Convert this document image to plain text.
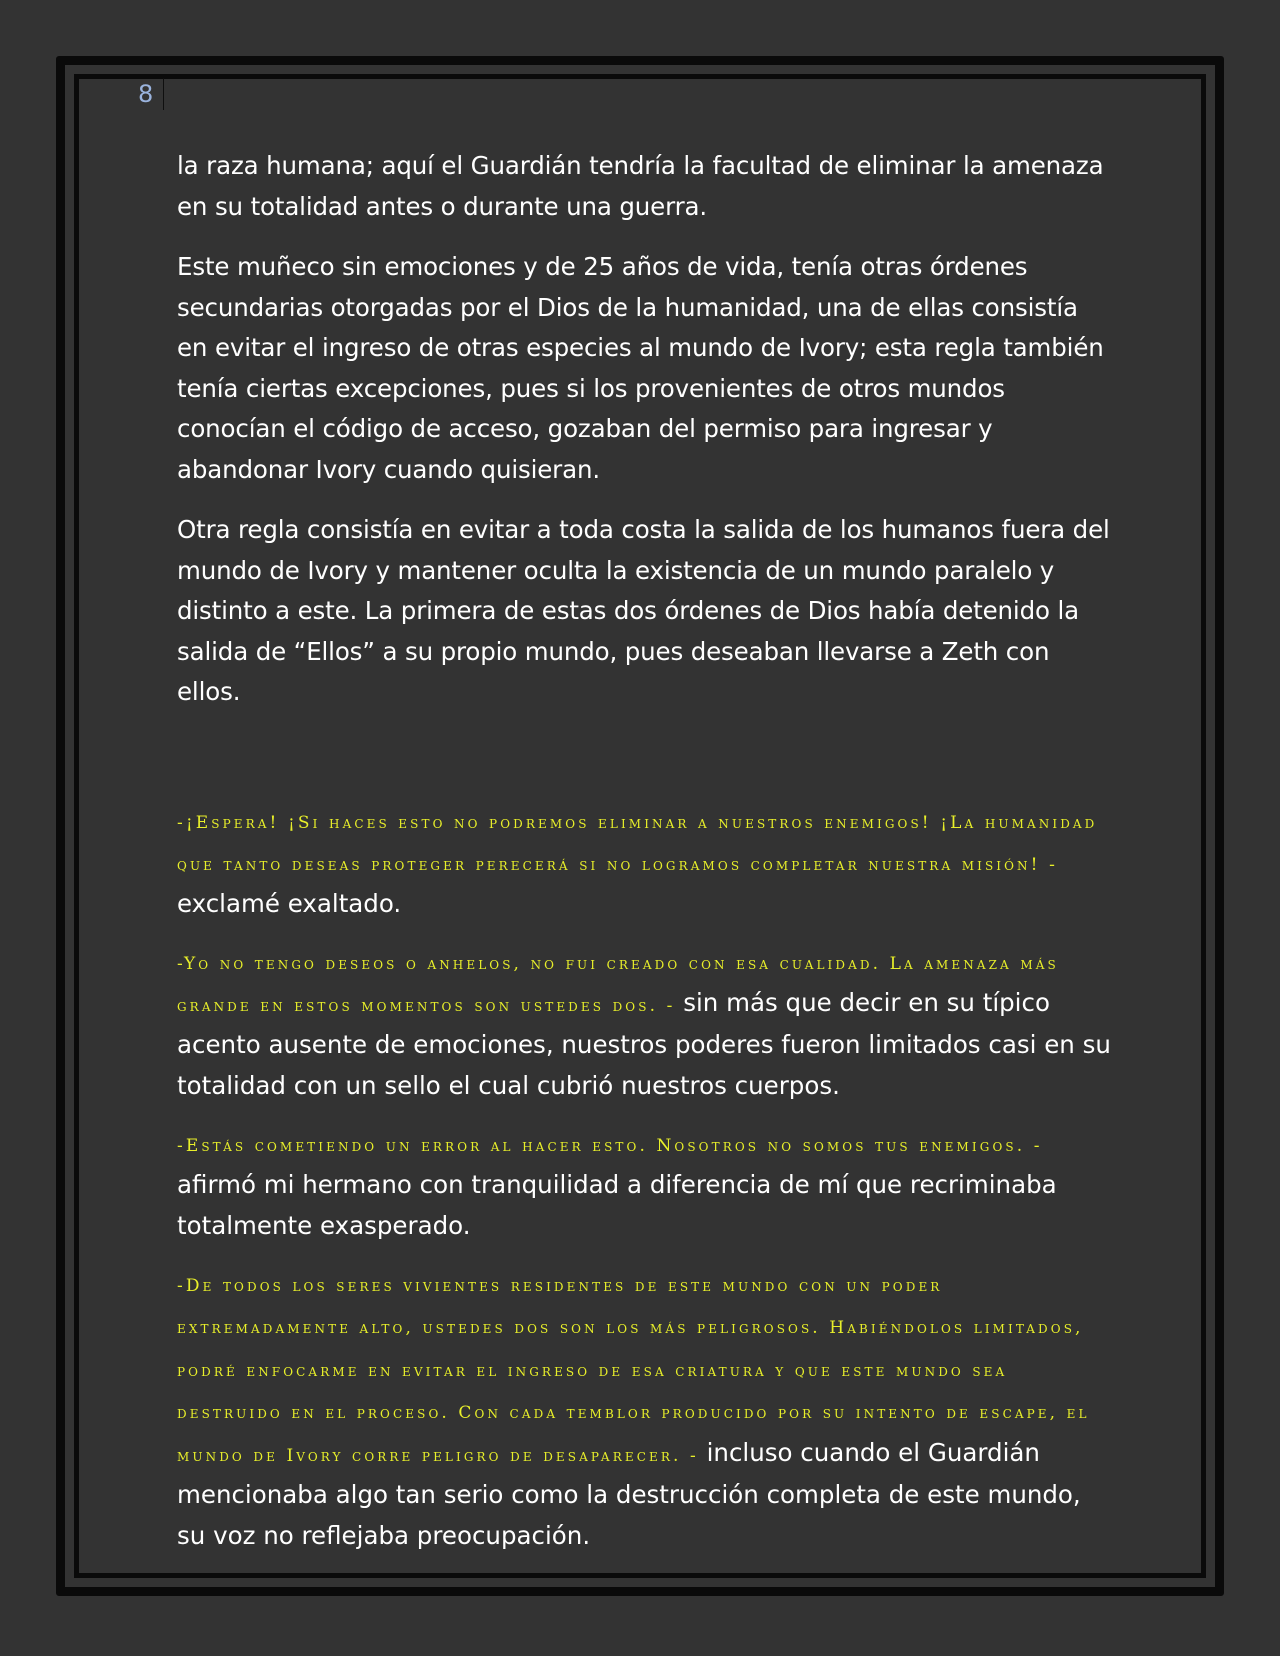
8

la raza humana; aquí el Guardián tendría la facultad de eliminar la amenaza en su totalidad antes o durante una guerra.

Este muñeco sin emociones y de 25 años de vida, tenía otras órdenes secundarias otorgadas por el Dios de la humanidad, una de ellas consistía en evitar el ingreso de otras especies al mundo de Ivory; esta regla también tenía ciertas excepciones, pues si los provenientes de otros mundos conocían el código de acceso, gozaban del permiso para ingresar y abandonar Ivory cuando quisieran.

Otra regla consistía en evitar a toda costa la salida de los humanos fuera del mundo de Ivory y mantener oculta la existencia de un mundo paralelo y distinto a este. La primera de estas dos órdenes de Dios había detenido la salida de “Ellos” a su propio mundo, pues deseaban llevarse a Zeth con ellos.

-¡Espera! ¡Si haces esto no podremos eliminar a nuestros enemigos! ¡La humanidad que tanto deseas proteger perecerá si no logramos completar nuestra misión! - exclamé exaltado.

-Yo no tengo deseos o anhelos, no fui creado con esa cualidad. La amenaza más grande en estos momentos son ustedes dos. - sin más que decir en su típico acento ausente de emociones, nuestros poderes fueron limitados casi en su totalidad con un sello el cual cubrió nuestros cuerpos.

-Estás cometiendo un error al hacer esto. Nosotros no somos tus enemigos. - afirmó mi hermano con tranquilidad a diferencia de mí que recriminaba totalmente exasperado.

-De todos los seres vivientes residentes de este mundo con un poder extremadamente alto, ustedes dos son los más peligrosos. Habiéndolos limitados, podré enfocarme en evitar el ingreso de esa criatura y que este mundo sea destruido en el proceso. Con cada temblor producido por su intento de escape, el mundo de Ivory corre peligro de desaparecer. - incluso cuando el Guardián mencionaba algo tan serio como la destrucción completa de este mundo, su voz no reflejaba preocupación.
